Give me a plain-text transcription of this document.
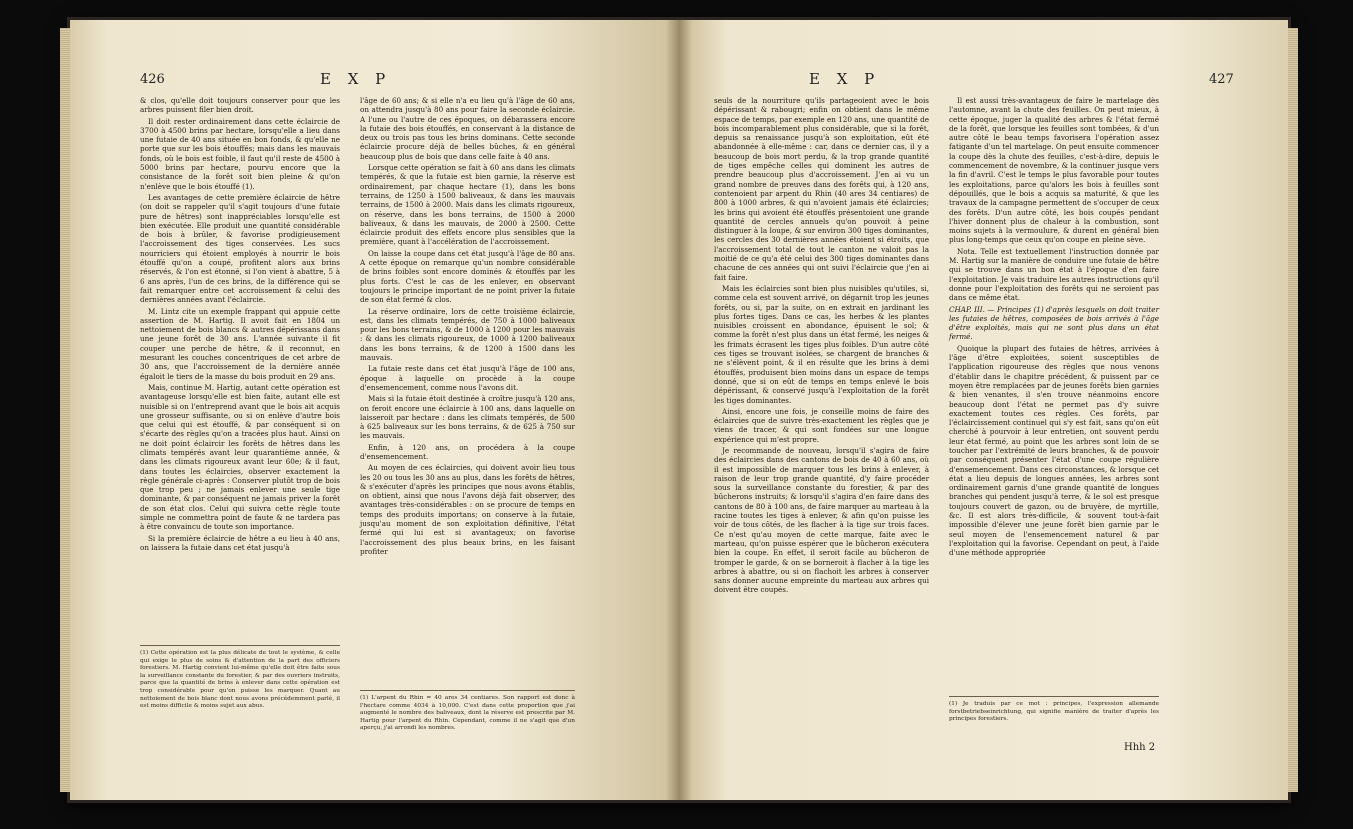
426	E X P

& clos, qu'elle doit toujours conserver pour que les arbres puissent filer bien droit.

Il doit rester ordinairement dans cette éclaircie de 3700 à 4500 brins par hectare, lorsqu'elle a lieu dans une futaie de 40 ans située en bon fonds, & qu'elle ne porte que sur les bois étouffés; mais dans les mauvais fonds, où le bois est foible, il faut qu'il reste de 4500 à 5000 brins par hectare, pourvu encore que la consistance de la forêt soit bien pleine & qu'on n'enlève que le bois étouffé (1).

Les avantages de cette première éclaircie de hêtre (on doit se rappeler qu'il s'agit toujours d'une futaie pure de hêtres) sont inappréciables lorsqu'elle est bien exécutée. Elle produit une quantité considérable de bois à brûler, & favorise prodigieusement l'accroissement des tiges conservées. Les sucs nourriciers qui étoient employés à nourrir le bois étouffé qu'on a coupé, profitent alors aux brins réservés, & l'on est étonné, si l'on vient à abattre, 5 à 6 ans après, l'un de ces brins, de la différence qui se fait remarquer entre cet accroissement & celui des dernières années avant l'éclaircie.

M. Lintz cite un exemple frappant qui appuie cette assertion de M. Hartig. Il avoit fait en 1804 un nettoiement de bois blancs & autres dépérissans dans une jeune forêt de 30 ans. L'année suivante il fit couper une perche de hêtre, & il reconnut, en mesurant les couches concentriques de cet arbre de 30 ans, que l'accroissement de la dernière année égaloit le tiers de la masse du bois produit en 29 ans.

Mais, continue M. Hartig, autant cette opération est avantageuse lorsqu'elle est bien faite, autant elle est nuisible si on l'entreprend avant que le bois ait acquis une grosseur suffisante, ou si on enlève d'autre bois que celui qui est étouffé, & par conséquent si on s'écarte des règles qu'on a tracées plus haut. Ainsi on ne doit point éclaircir les forêts de hêtres dans les climats tempérés avant leur quarantième année, & dans les climats rigoureux avant leur 60e; & il faut, dans toutes les éclaircies, observer exactement la règle générale ci-après : Conserver plutôt trop de bois que trop peu ; ne jamais enlever une seule tige dominante, & par conséquent ne jamais priver la forêt de son état clos. Celui qui suivra cette règle toute simple ne commettra point de faute & ne tardera pas à être convaincu de toute son importance.

Si la première éclaircie de hêtre a eu lieu à 40 ans, on laissera la futaie dans cet état jusqu'à

(1) Cette opération est la plus délicate de tout le système, & celle qui exige le plus de soins & d'attention de la part des officiers forestiers. M. Hartig convient lui-même qu'elle doit être faite sous la surveillance constante du forestier, & par des ouvriers instruits, parce que la quantité de brins à enlever dans cette opération est trop considérable pour qu'on puisse les marquer. Quant au nettoiement de bois blanc dont nous avons précédemment parlé, il est moins difficile & moins sujet aux abus.

l'âge de 60 ans; & si elle n'a eu lieu qu'à l'âge de 60 ans, on attendra jusqu'à 80 ans pour faire la seconde éclaircie. A l'une ou l'autre de ces époques, on débarassera encore la futaie des bois étouffés, en conservant à la distance de deux ou trois pas tous les brins dominans. Cette seconde éclaircie procure déjà de belles bûches, & en général beaucoup plus de bois que dans celle faite à 40 ans.

Lorsque cette opération se fait à 60 ans dans les climats tempérés, & que la futaie est bien garnie, la réserve est ordinairement, par chaque hectare (1), dans les bons terrains, de 1250 à 1500 baliveaux, & dans les mauvais terrains, de 1500 à 2000. Mais dans les climats rigoureux, on réserve, dans les bons terrains, de 1500 à 2000 baliveaux, & dans les mauvais, de 2000 à 2500. Cette éclaircie produit des effets encore plus sensibles que la première, quant à l'accélération de l'accroissement.

On laisse la coupe dans cet état jusqu'à l'âge de 80 ans. A cette époque on remarque qu'un nombre considérable de brins foibles sont encore dominés & étouffés par les plus forts. C'est le cas de les enlever, en observant toujours le principe important de ne point priver la futaie de son état fermé & clos.

La réserve ordinaire, lors de cette troisième éclaircie, est, dans les climats tempérés, de 750 à 1000 baliveaux pour les bons terrains, & de 1000 à 1200 pour les mauvais : & dans les climats rigoureux, de 1000 à 1200 baliveaux dans les bons terrains, & de 1200 à 1500 dans les mauvais.

La futaie reste dans cet état jusqu'à l'âge de 100 ans, époque à laquelle on procède à la coupe d'ensemencement, comme nous l'avons dit.

Mais si la futaie étoit destinée à croître jusqu'à 120 ans, on feroit encore une éclaircie à 100 ans, dans laquelle on laisseroit par hectare : dans les climats tempérés, de 500 à 625 baliveaux sur les bons terrains, & de 625 à 750 sur les mauvais.

Enfin, à 120 ans, on procédera à la coupe d'ensemencement.

Au moyen de ces éclaircies, qui doivent avoir lieu tous les 20 ou tous les 30 ans au plus, dans les forêts de hêtres, & s'exécuter d'après les principes que nous avons établis, on obtient, ainsi que nous l'avons déjà fait observer, des avantages très-considérables : on se procure de temps en temps des produits importans; on conserve à la futaie, jusqu'au moment de son exploitation définitive, l'état fermé qui lui est si avantageux; on favorise l'accroissement des plus beaux brins, en les faisant profiter

(1) L'arpent du Rhin = 40 ares 34 centiares. Son rapport est donc à l'hectare comme 4034 à 10,000. C'est dans cette proportion que j'ai augmenté le nombre des baliveaux, dont la réserve est prescrite par M. Hartig pour l'arpent du Rhin. Cependant, comme il ne s'agit que d'un aperçu, j'ai arrondi les nombres.

E X P	427

seuls de la nourriture qu'ils partageoient avec le bois dépérissant & rabougri; enfin on obtient dans le même espace de temps, par exemple en 120 ans, une quantité de bois incomparablement plus considérable, que si la forêt, depuis sa renaissance jusqu'à son exploitation, eût été abandonnée à elle-même : car, dans ce dernier cas, il y a beaucoup de bois mort perdu, & la trop grande quantité de tiges empêche celles qui dominent les autres de prendre beaucoup plus d'accroissement. J'en ai vu un grand nombre de preuves dans des forêts qui, à 120 ans, contenoient par arpent du Rhin (40 ares 34 centiares) de 800 à 1000 arbres, & qui n'avoient jamais été éclaircies; les brins qui avoient été étouffés présentoient une grande quantité de cercles annuels qu'on pouvoit à peine distinguer à la loupe, & sur environ 300 tiges dominantes, les cercles des 30 dernières années étoient si étroits, que l'accroissement total de tout le canton ne valoit pas la moitié de ce qu'a été celui des 300 tiges dominantes dans chacune de ces années qui ont suivi l'éclaircie que j'en ai fait faire.

Mais les éclaircies sont bien plus nuisibles qu'utiles, si, comme cela est souvent arrivé, on dégarnit trop les jeunes forêts, ou si, par la suite, on en extrait en jardinant les plus fortes tiges. Dans ce cas, les herbes & les plantes nuisibles croissent en abondance, épuisent le sol; & comme la forêt n'est plus dans un état fermé, les neiges & les frimats écrasent les tiges plus foibles. D'un autre côté ces tiges se trouvant isolées, se chargent de branches & ne s'élèvent point, & il en résulte que les brins à demi étouffés, produisent bien moins dans un espace de temps donné, que si on eût de temps en temps enlevé le bois dépérissant, & conservé jusqu'à l'exploitation de la forêt les tiges dominantes.

Ainsi, encore une fois, je conseille moins de faire des éclaircies que de suivre très-exactement les règles que je viens de tracer, & qui sont fondées sur une longue expérience qui m'est propre.

Je recommande de nouveau, lorsqu'il s'agira de faire des éclaircies dans des cantons de bois de 40 à 60 ans, où il est impossible de marquer tous les brins à enlever, à raison de leur trop grande quantité, d'y faire procéder sous la surveillance constante du forestier, & par des bûcherons instruits; & lorsqu'il s'agira d'en faire dans des cantons de 80 à 100 ans, de faire marquer au marteau à la racine toutes les tiges à enlever, & afin qu'on puisse les voir de tous côtés, de les flacher à la tige sur trois faces. Ce n'est qu'au moyen de cette marque, faite avec le marteau, qu'on puisse espérer que le bûcheron exécutera bien la coupe. En effet, il seroit facile au bûcheron de tromper le garde, & on se borneroit à flacher à la tige les arbres à abattre, ou si on flachoit les arbres à conserver sans donner aucune empreinte du marteau aux arbres qui doivent être coupés.

Il est aussi très-avantageux de faire le martelage dès l'automne, avant la chute des feuilles. On peut mieux, à cette époque, juger la qualité des arbres & l'état fermé de la forêt, que lorsque les feuilles sont tombées, & d'un autre côté le beau temps favorisera l'opération assez fatigante d'un tel martelage. On peut ensuite commencer la coupe dès la chute des feuilles, c'est-à-dire, depuis le commencement de novembre, & la continuer jusque vers la fin d'avril. C'est le temps le plus favorable pour toutes les exploitations, parce qu'alors les bois à feuilles sont dépouillés, que le bois a acquis sa maturité, & que les travaux de la campagne permettent de s'occuper de ceux des forêts. D'un autre côté, les bois coupés pendant l'hiver donnent plus de chaleur à la combustion, sont moins sujets à la vermoulure, & durent en général bien plus long-temps que ceux qu'on coupe en pleine sève.

Nota. Telle est textuellement l'instruction donnée par M. Hartig sur la manière de conduire une futaie de hêtre qui se trouve dans un bon état à l'époque d'en faire l'exploitation. Je vais traduire les autres instructions qu'il donne pour l'exploitation des forêts qui ne seroient pas dans ce même état.

CHAP. III. — Principes (1) d'après lesquels on doit traiter les futaies de hêtres, composées de bois arrivés à l'âge d'être exploités, mais qui ne sont plus dans un état fermé.

Quoique la plupart des futaies de hêtres, arrivées à l'âge d'être exploitées, soient susceptibles de l'application rigoureuse des règles que nous venons d'établir dans le chapitre précédent, & puissent par ce moyen être remplacées par de jeunes forêts bien garnies & bien venantes, il s'en trouve néanmoins encore beaucoup dont l'état ne permet pas d'y suivre exactement toutes ces règles. Ces forêts, par l'éclaircissement continuel qui s'y est fait, sans qu'on eût cherché à pourvoir à leur entretien, ont souvent perdu leur état fermé, au point que les arbres sont loin de se toucher par l'extrémité de leurs branches, & de pouvoir par conséquent présenter l'état d'une coupe régulière d'ensemencement. Dans ces circonstances, & lorsque cet état a lieu depuis de longues années, les arbres sont ordinairement garnis d'une grande quantité de longues branches qui pendent jusqu'à terre, & le sol est presque toujours couvert de gazon, ou de bruyère, de myrtille, &c. Il est alors très-difficile, & souvent tout-à-fait impossible d'élever une jeune forêt bien garnie par le seul moyen de l'ensemencement naturel & par l'exploitation qui la favorise. Cependant on peut, à l'aide d'une méthode appropriée

(1) Je traduis par ce mot : principes, l'expression allemande forstbetriebseinrichtung, qui signifie manière de traiter d'après les principes forestiers.

Hhh 2
